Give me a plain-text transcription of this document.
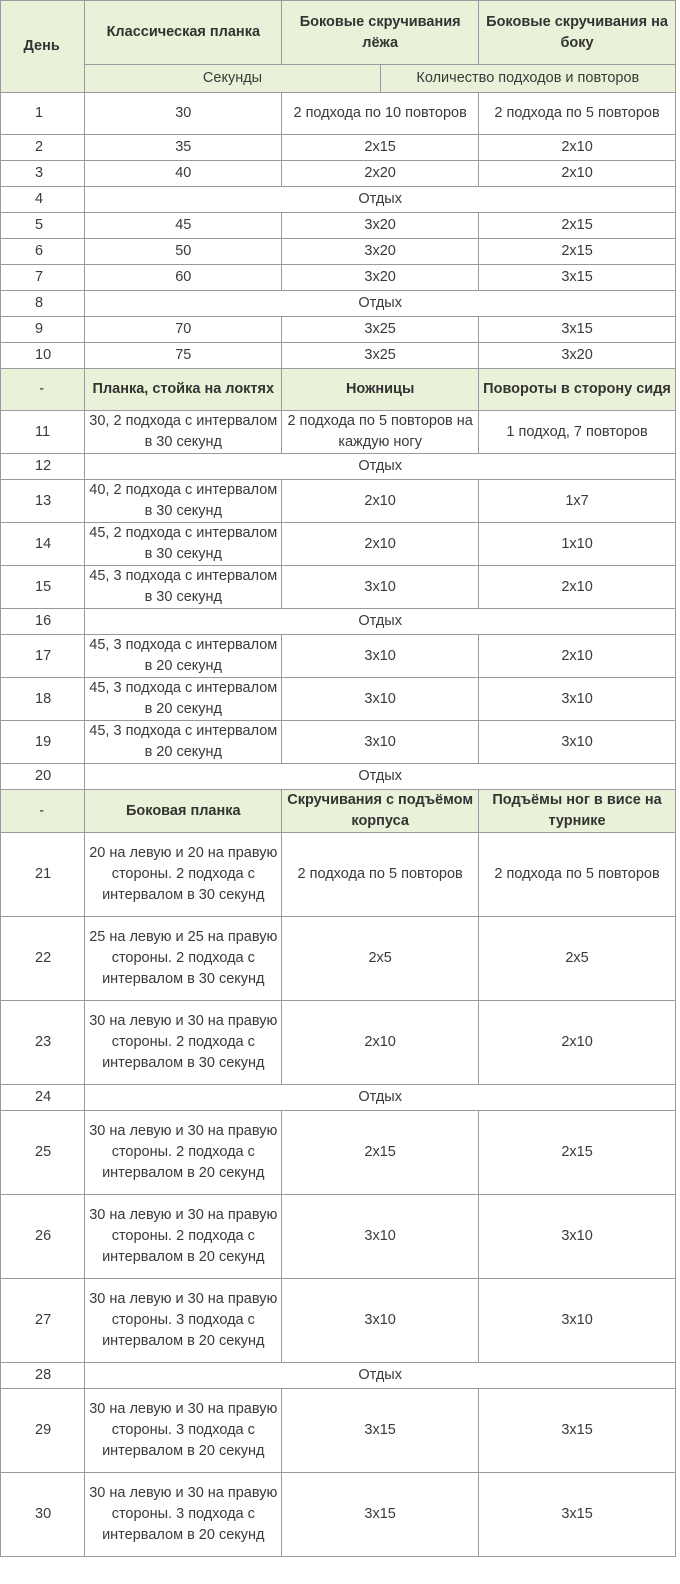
День	Классическая планка	Боковые скручивания лёжа		Боковые скручивания на боку
	Секунды		Количество подходов и повторов	
1	30	2 подхода по 10 повторов		2 подхода по 5 повторов
2	35	2x15		2x10
3	40	2x20		2x10
4	Отдых			
5	45	3x20		2x15
6	50	3x20		2x15
7	60	3x20		3x15
8	Отдых			
9	70	3x25		3x15
10	75	3x25		3x20
-	Планка, стойка на локтях	Ножницы		Повороты в сторону сидя
11	30, 2 подхода с интервалом в 30 секунд	2 подхода по 5 повторов на каждую ногу		1 подход, 7 повторов
12	Отдых			
13	40, 2 подхода с интервалом в 30 секунд	2x10		1x7
14	45, 2 подхода с интервалом в 30 секунд	2x10		1x10
15	45, 3 подхода с интервалом в 30 секунд	3x10		2x10
16	Отдых			
17	45, 3 подхода с интервалом в 20 секунд	3x10		2x10
18	45, 3 подхода с интервалом в 20 секунд	3x10		3x10
19	45, 3 подхода с интервалом в 20 секунд	3x10		3x10
20	Отдых			
-	Боковая планка	Скручивания с подъёмом корпуса		Подъёмы ног в висе на турнике
21	20 на левую и 20 на правую стороны. 2 подхода с интервалом в 30 секунд	2 подхода по 5 повторов		2 подхода по 5 повторов
22	25 на левую и 25 на правую стороны. 2 подхода с интервалом в 30 секунд	2x5		2x5
23	30 на левую и 30 на правую стороны. 2 подхода с интервалом в 30 секунд	2x10		2x10
24	Отдых			
25	30 на левую и 30 на правую стороны. 2 подхода с интервалом в 20 секунд	2x15		2x15
26	30 на левую и 30 на правую стороны. 2 подхода с интервалом в 20 секунд	3x10		3x10
27	30 на левую и 30 на правую стороны. 3 подхода с интервалом в 20 секунд	3x10		3x10
28	Отдых			
29	30 на левую и 30 на правую стороны. 3 подхода с интервалом в 20 секунд	3x15		3x15
30	30 на левую и 30 на правую стороны. 3 подхода с интервалом в 20 секунд	3x15		3x15
